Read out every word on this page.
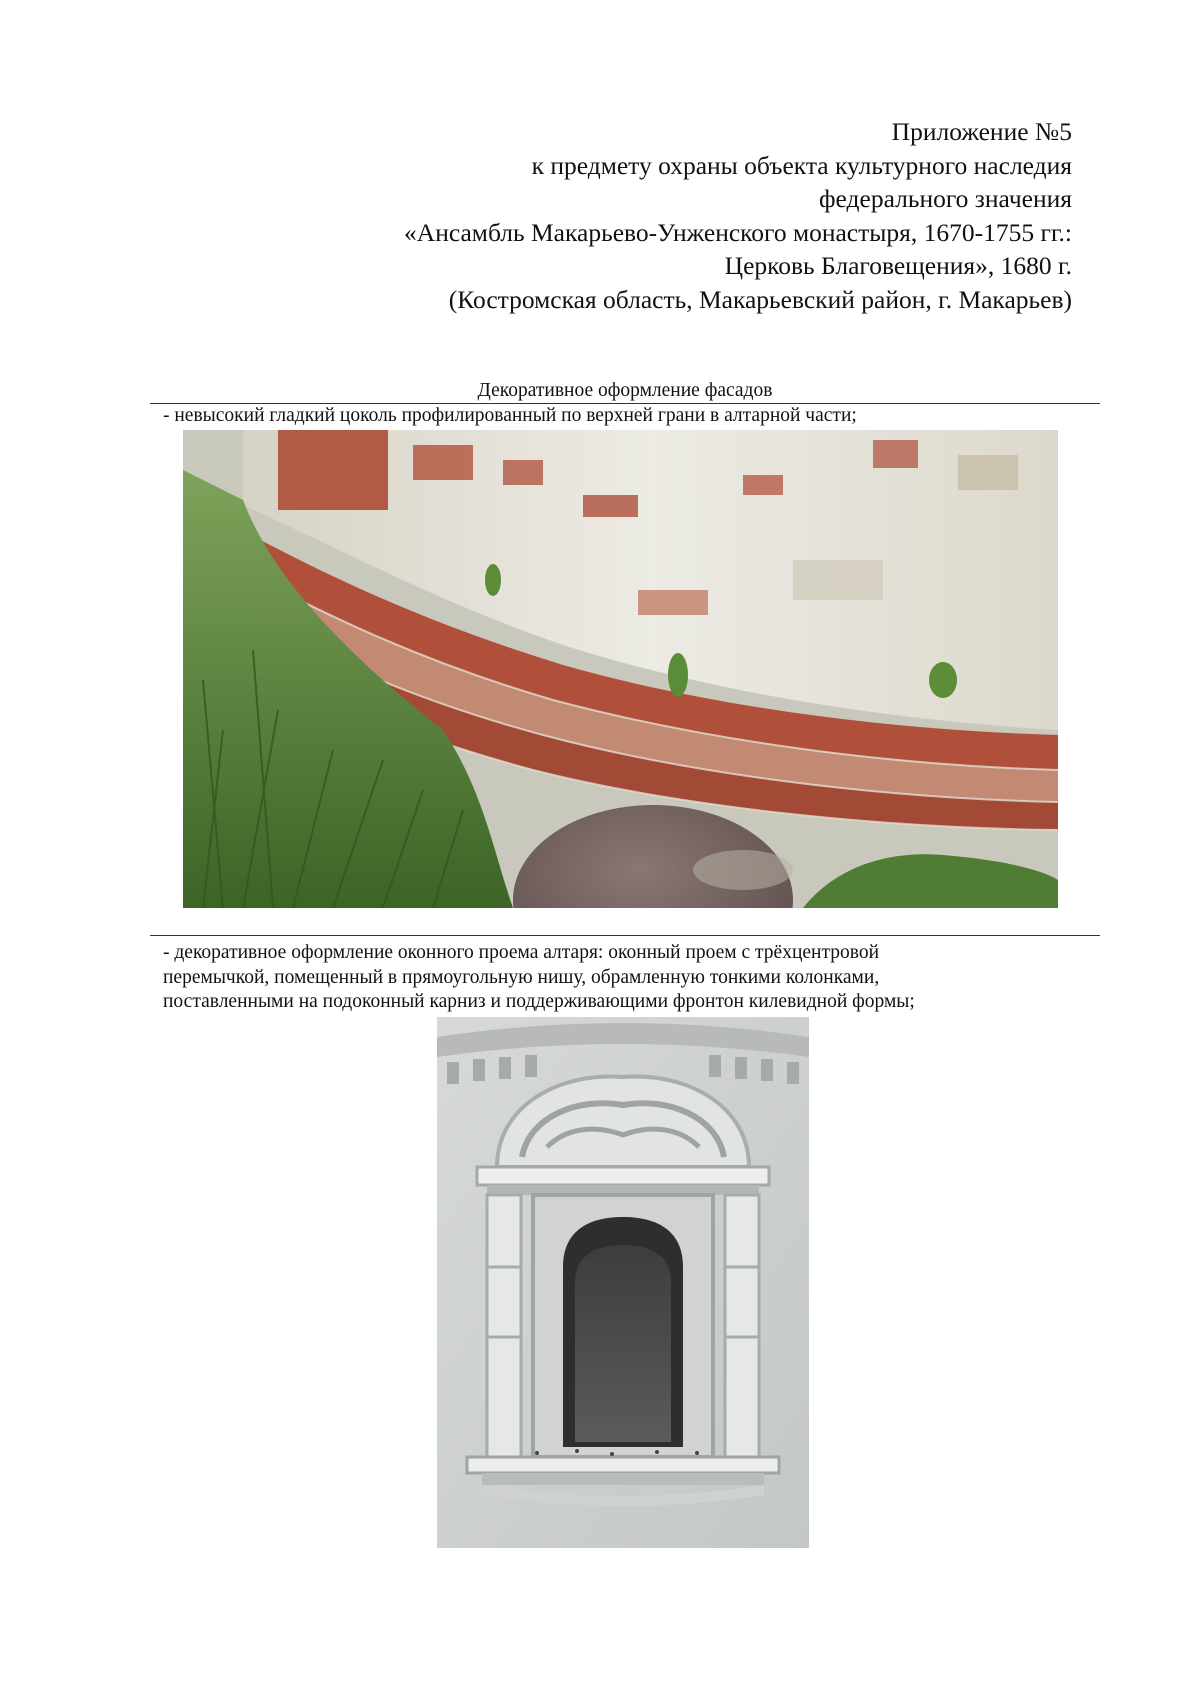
Приложение №5
к предмету охраны объекта культурного наследия
федерального значения
«Ансамбль Макарьево-Унженского монастыря, 1670-1755 гг.:
Церковь Благовещения», 1680 г.
(Костромская область, Макарьевский район, г. Макарьев)
Декоративное оформление фасадов
- невысокий гладкий цоколь профилированный по верхней грани в алтарной части;
- декоративное оформление оконного проема алтаря: оконный проем с трёхцентровой
перемычкой, помещенный в прямоугольную нишу, обрамленную тонкими колонками,
поставленными на подоконный карниз и поддерживающими фронтон килевидной формы;
